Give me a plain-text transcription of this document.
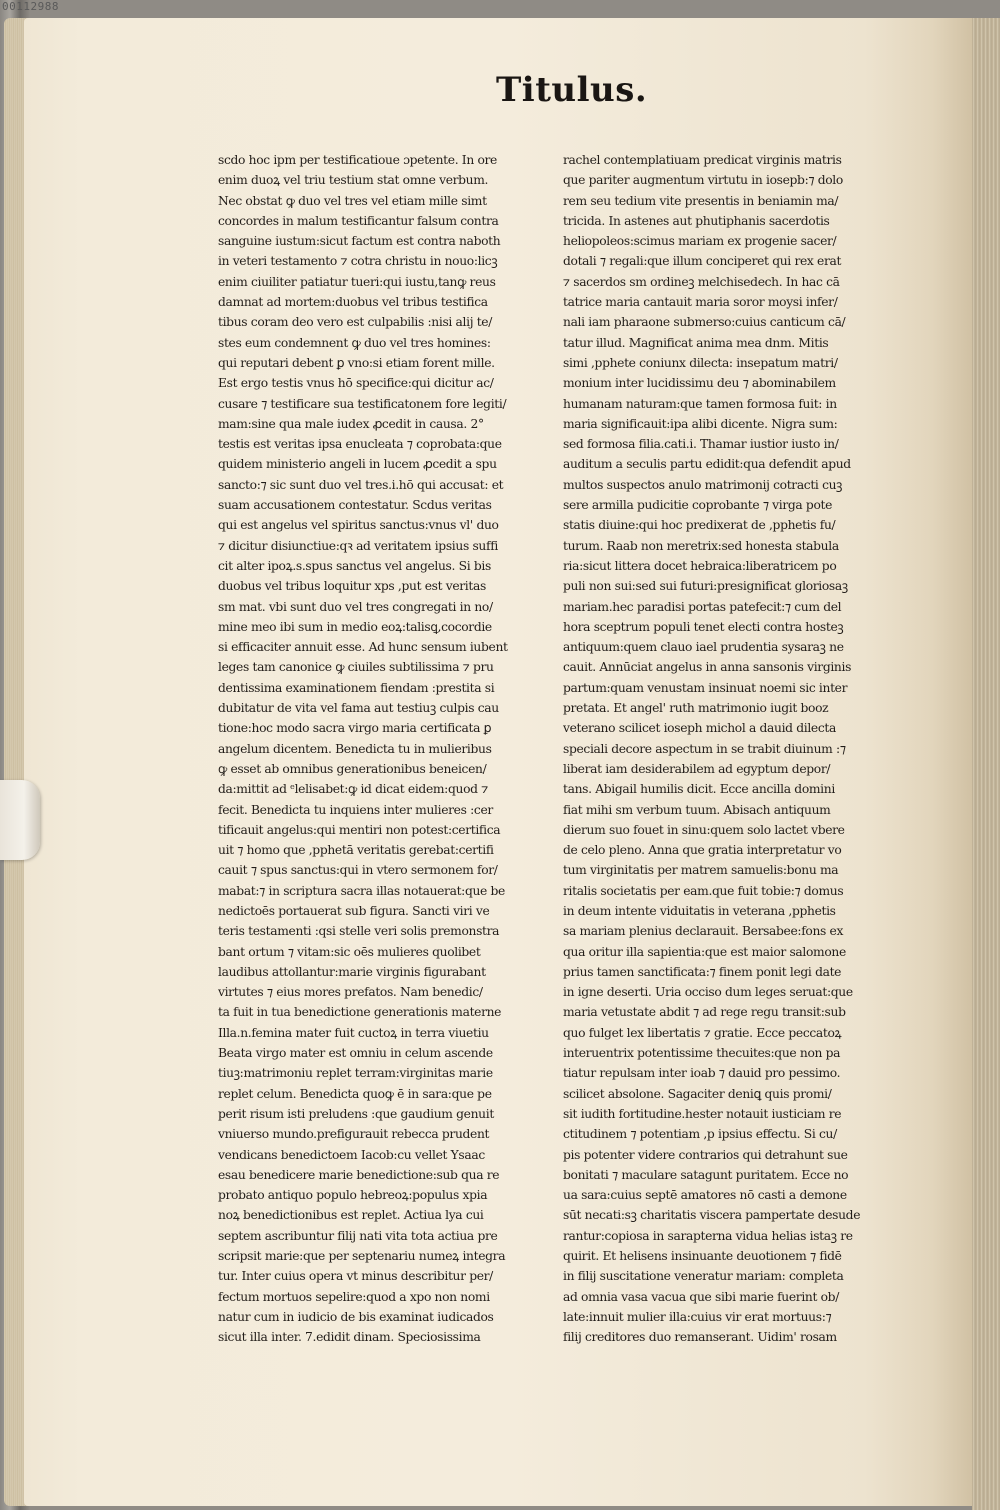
00112988
Titulus.
scdo hoc ipm per testificatioue ɔpetente. In ore
enim duoꝝ vel triu testium stat omne verbum.
Nec obstat ꝙ duo vel tres vel etiam mille simt
concordes in malum testificantur falsum contra
sanguine iustum:sicut factum est contra naboth
in veteri testamento ⁊ cotra christu in nouo:licꝫ
enim ciuiliter patiatur tueri:qui iustu,tanꝙ reus
damnat ad mortem:duobus vel tribus testifica
tibus coram deo vero est culpabilis :nisi alij te/
stes eum condemnent ꝙ duo vel tres homines:
qui reputari debent ꝑ vno:si etiam forent mille.
Est ergo testis vnus hō specifice:qui dicitur ac/
cusare ⁊ testificare sua testificatonem fore legiti/
mam:sine qua male iudex ꝓcedit in causa. 2°
testis est veritas ipsa enucleata ⁊ coprobata:que
quidem ministerio angeli in lucem ꝓcedit a spu
sancto:⁊ sic sunt duo vel tres.i.hō qui accusat: et
suam accusationem contestatur. Scdus veritas
qui est angelus vel spiritus sanctus:vnus vl' duo
⁊ dicitur disiunctiue:qꝛ ad veritatem ipsius suffi
cit alter ipoꝝ.s.spus sanctus vel angelus. Si bis
duobus vel tribus loquitur xps ,put est veritas
sm mat. vbi sunt duo vel tres congregati in no/
mine meo ibi sum in medio eoꝝ:talisꝗ,cocordie
si efficaciter annuit esse. Ad hunc sensum iubent
leges tam canonice ꝙ ciuiles subtilissima ⁊ pru
dentissima examinationem fiendam :prestita si
dubitatur de vita vel fama aut testiuꝫ culpis cau
tione:hoc modo sacra virgo maria certificata ꝑ
angelum dicentem. Benedicta tu in mulieribus
ꝙ esset ab omnibus generationibus beneicen/
da:mittit ad ᵉlelisabet:ꝙ id dicat eidem:quod ⁊
fecit. Benedicta tu inquiens inter mulieres :cer
tificauit angelus:qui mentiri non potest:certifica
uit ⁊ homo que ,pphetā veritatis gerebat:certifi
cauit ⁊ spus sanctus:qui in vtero sermonem for/
mabat:⁊ in scriptura sacra illas notauerat:que be
nedictoēs portauerat sub figura. Sancti viri ve
teris testamenti :qsi stelle veri solis premonstra
bant ortum ⁊ vitam:sic oēs mulieres quolibet
laudibus attollantur:marie virginis figurabant
virtutes ⁊ eius mores prefatos. Nam benedic/
ta fuit in tua benedictione generationis materne
Illa.n.femina mater fuit cuctoꝝ in terra viuetiu
Beata virgo mater est omniu in celum ascende
tiuꝫ:matrimoniu replet terram:virginitas marie
replet celum. Benedicta quoꝙ ē in sara:que pe
perit risum isti preludens :que gaudium genuit
vniuerso mundo.prefigurauit rebecca prudent
vendicans benedictoem Iacob:cu vellet Ysaac
esau benedicere marie benedictione:sub qua re
probato antiquo populo hebreoꝝ:populus xpia
noꝝ benedictionibus est replet. Actiua lya cui
septem ascribuntur filij nati vita tota actiua pre
scripsit marie:que per septenariu numeꝝ integra
tur. Inter cuius opera vt minus describitur per/
fectum mortuos sepelire:quod a xpo non nomi
natur cum in iudicio de bis examinat iudicados
sicut illa inter. 7.edidit dinam. Speciosissima
rachel contemplatiuam predicat virginis matris
que pariter augmentum virtutu in iosepb:⁊ dolo
rem seu tedium vite presentis in beniamin ma/
tricida. In astenes aut phutiphanis sacerdotis
heliopoleos:scimus mariam ex progenie sacer/
dotali ⁊ regali:que illum conciperet qui rex erat
⁊ sacerdos sm ordineꝫ melchisedech. In hac cā
tatrice maria cantauit maria soror moysi infer/
nali iam pharaone submerso:cuius canticum cā/
tatur illud. Magnificat anima mea dnm. Mitis
simi ,pphete coniunx dilecta: insepatum matri/
monium inter lucidissimu deu ⁊ abominabilem
humanam naturam:que tamen formosa fuit: in
maria significauit:ipa alibi dicente. Nigra sum:
sed formosa filia.cati.i. Thamar iustior iusto in/
auditum a seculis partu edidit:qua defendit apud
multos suspectos anulo matrimonij cotracti cuꝫ
sere armilla pudicitie coprobante ⁊ virga pote
statis diuine:qui hoc predixerat de ,pphetis fu/
turum. Raab non meretrix:sed honesta stabula
ria:sicut littera docet hebraica:liberatricem po
puli non sui:sed sui futuri:presignificat gloriosaꝫ
mariam.hec paradisi portas patefecit:⁊ cum del
hora sceptrum populi tenet electi contra hosteꝫ
antiquum:quem clauo iael prudentia sysaraꝫ ne
cauit. Annūciat angelus in anna sansonis virginis
partum:quam venustam insinuat noemi sic inter
pretata. Et angel' ruth matrimonio iugit booz
veterano scilicet ioseph michol a dauid dilecta
speciali decore aspectum in se trabit diuinum :⁊
liberat iam desiderabilem ad egyptum depor/
tans. Abigail humilis dicit. Ecce ancilla domini
fiat mihi sm verbum tuum. Abisach antiquum
dierum suo fouet in sinu:quem solo lactet vbere
de celo pleno. Anna que gratia interpretatur vo
tum virginitatis per matrem samuelis:bonu ma
ritalis societatis per eam.que fuit tobie:⁊ domus
in deum intente viduitatis in veterana ,pphetis
sa mariam plenius declarauit. Bersabee:fons ex
qua oritur illa sapientia:que est maior salomone
prius tamen sanctificata:⁊ finem ponit legi date
in igne deserti. Uria occiso dum leges seruat:que
maria vetustate abdit ⁊ ad rege regu transit:sub
quo fulget lex libertatis ⁊ gratie. Ecce peccatoꝝ
interuentrix potentissime thecuites:que non pa
tiatur repulsam inter ioab ⁊ dauid pro pessimo.
scilicet absolone. Sagaciter deniꝗ quis promi/
sit iudith fortitudine.hester notauit iusticiam re
ctitudinem ⁊ potentiam ,p ipsius effectu. Si cu/
pis potenter videre contrarios qui detrahunt sue
bonitati ⁊ maculare satagunt puritatem. Ecce no
ua sara:cuius septē amatores nō casti a demone
sūt necati:sꝫ charitatis viscera pampertate desude
rantur:copiosa in sarapterna vidua helias istaꝫ re
quirit. Et helisens insinuante deuotionem ⁊ fidē
in filij suscitatione veneratur mariam: completa
ad omnia vasa vacua que sibi marie fuerint ob/
late:innuit mulier illa:cuius vir erat mortuus:⁊
filij creditores duo remanserant. Uidim' rosam
